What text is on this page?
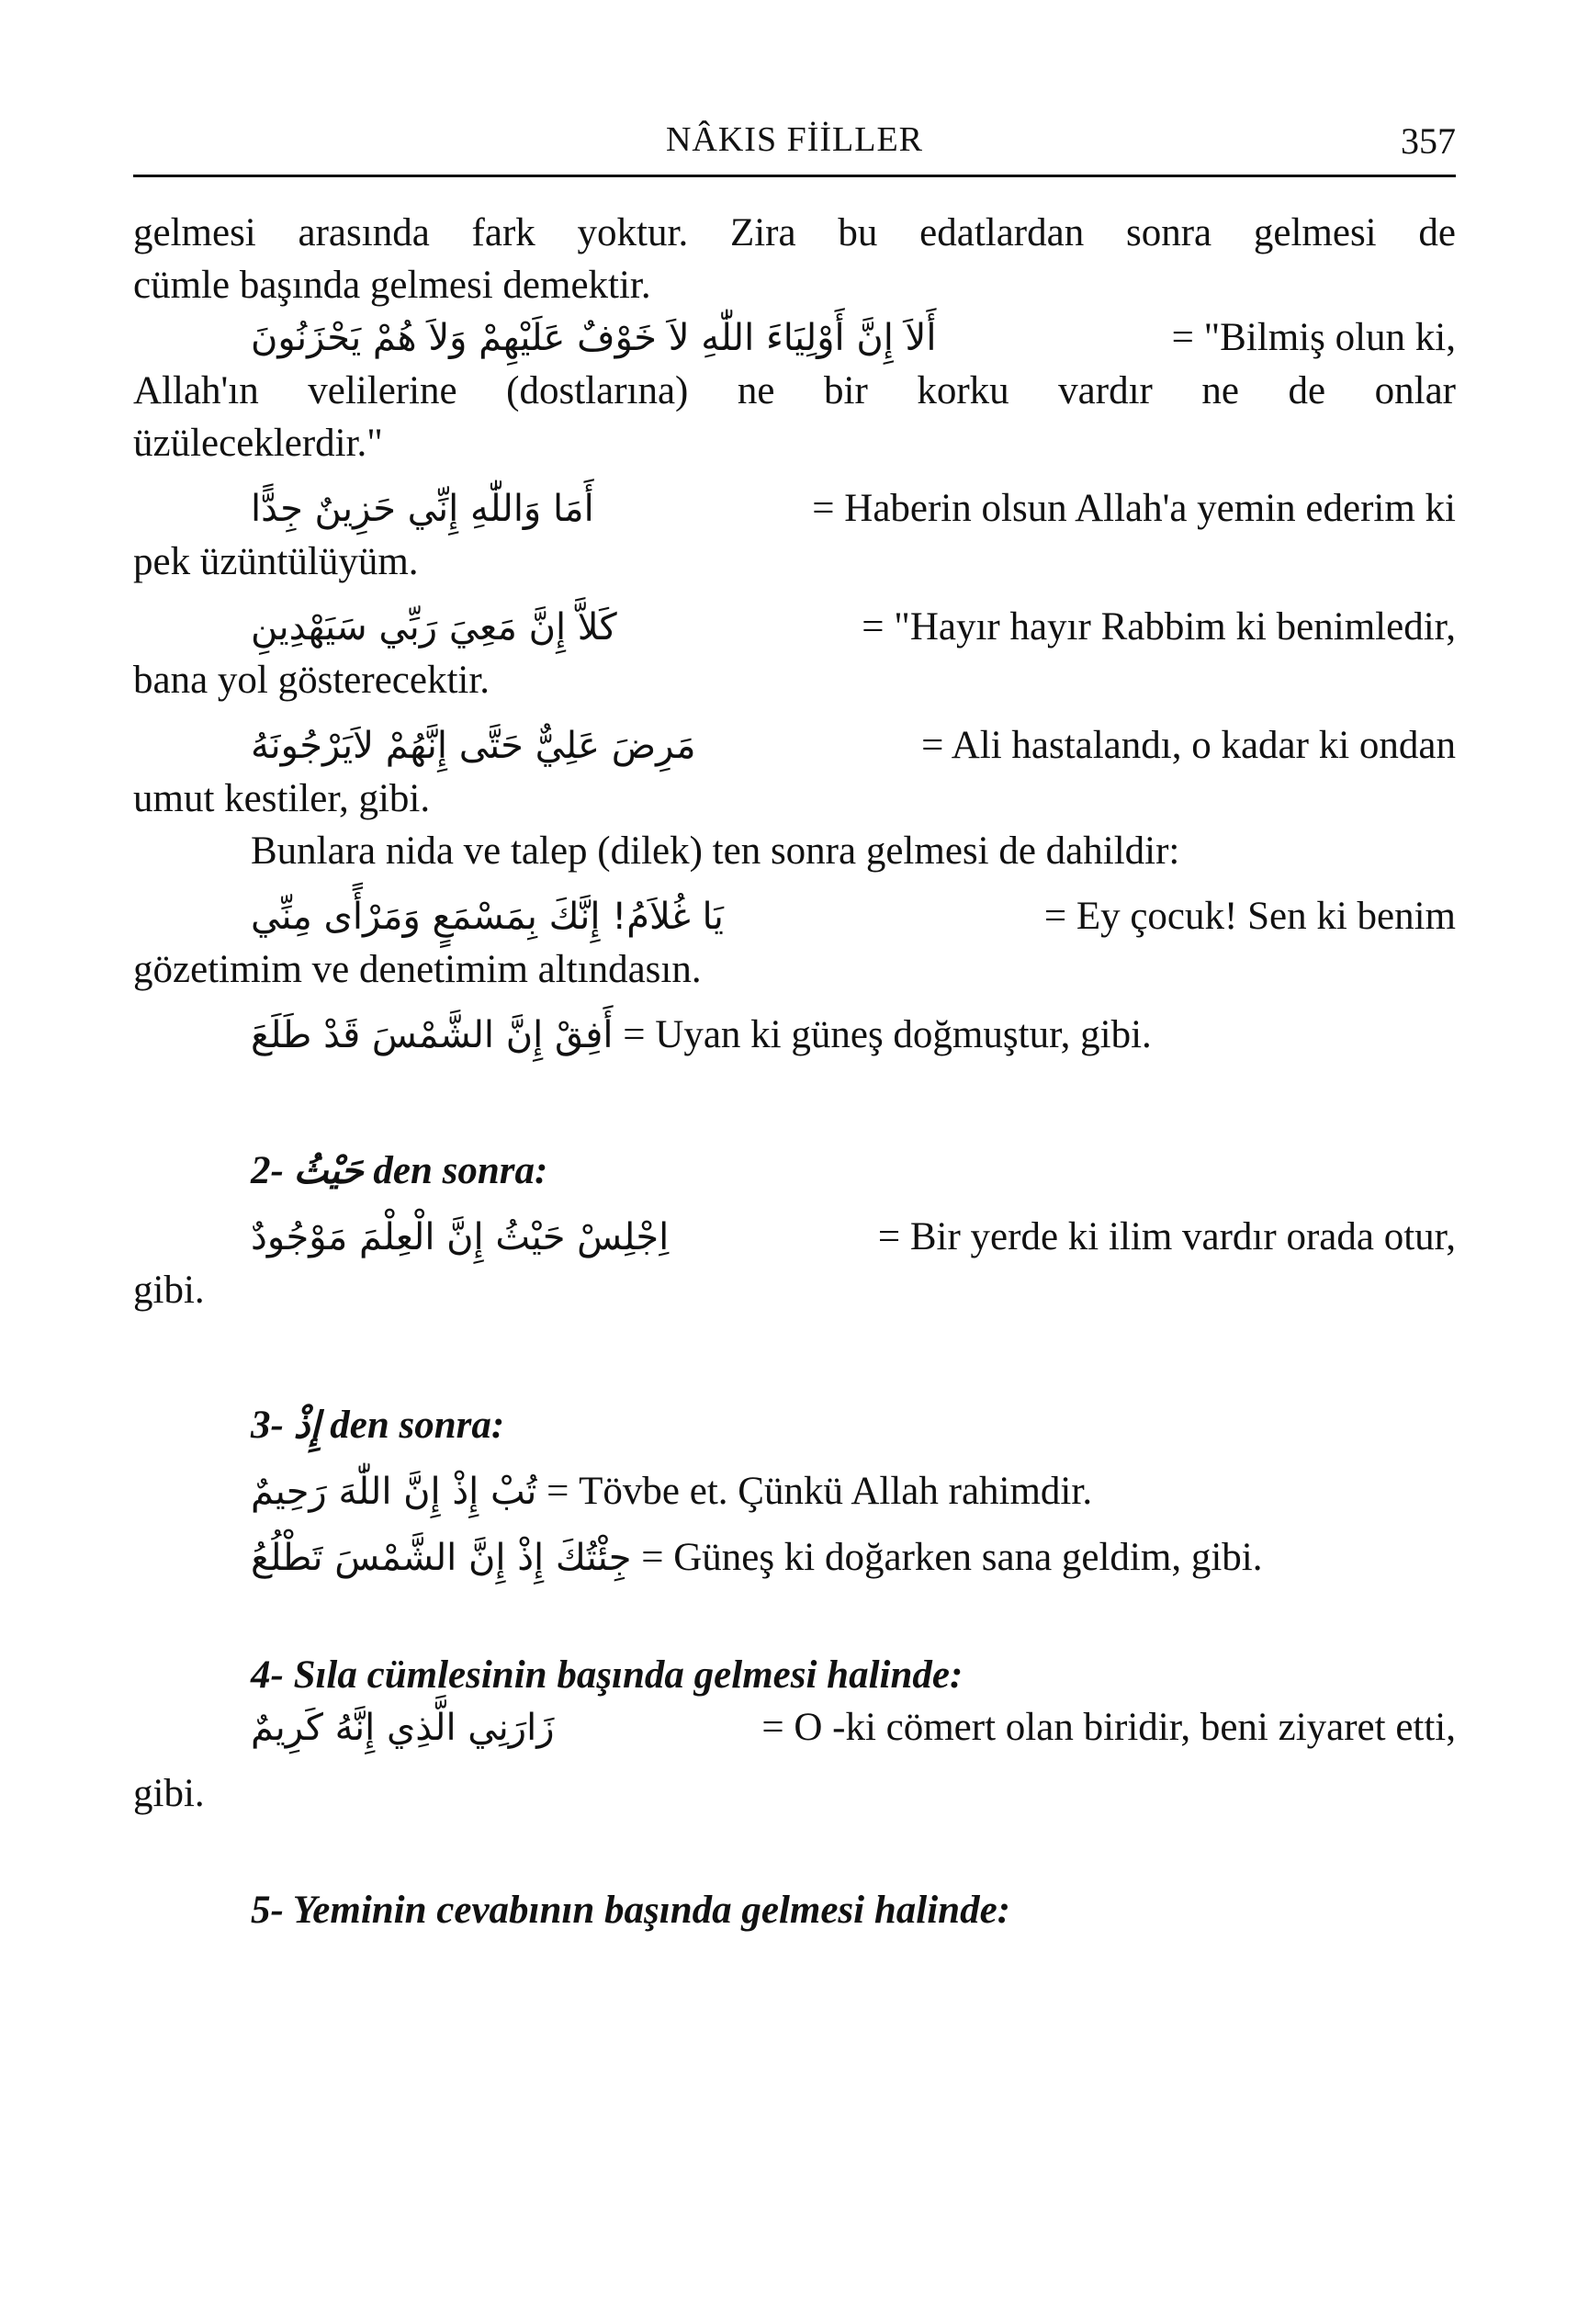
NÂKIS FİİLLER	357

gelmesi arasında fark yoktur. Zira bu edatlardan sonra gelmesi de

cümle başında gelmesi demektir.

أَلاَ إِنَّ أَوْلِيَاءَ اللّٰهِ لاَ خَوْفٌ عَلَيْهِمْ وَلاَ هُمْ يَحْزَنُونَ	= "Bilmiş olun ki,

Allah'ın velilerine (dostlarına) ne bir korku vardır ne de onlar

üzüleceklerdir."

أَمَا وَاللّٰهِ إِنِّي حَزِينٌ جِدًّا	= Haberin olsun Allah'a yemin ederim ki

pek üzüntülüyüm.

كَلاَّ إِنَّ مَعِيَ رَبِّي سَيَهْدِينِ	= "Hayır hayır Rabbim ki benimledir,

bana yol gösterecektir.

مَرِضَ عَلِيٌّ حَتَّى إِنَّهُمْ لاَيَرْجُونَهُ	= Ali hastalandı, o kadar ki ondan

umut kestiler, gibi.

Bunlara nida ve talep (dilek) ten sonra gelmesi de dahildir:

يَا غُلاَمُ! إِنَّكَ بِمَسْمَعٍ وَمَرْأًى مِنِّي	= Ey çocuk! Sen ki benim

gözetimim ve denetimim altındasın.

أَفِقْ إِنَّ الشَّمْسَ قَدْ طَلَعَ = Uyan ki güneş doğmuştur, gibi.

2- حَيْثُ den sonra:

اِجْلِسْ حَيْثُ إِنَّ الْعِلْمَ مَوْجُودٌ	= Bir yerde ki ilim vardır orada otur,

gibi.

3- إِذْ den sonra:

تُبْ إِذْ إِنَّ اللّٰهَ رَحِيمٌ = Tövbe et. Çünkü Allah rahimdir.

جِئْتُكَ إِذْ إِنَّ الشَّمْسَ تَطْلُعُ = Güneş ki doğarken sana geldim, gibi.

4- Sıla cümlesinin başında gelmesi halinde:

زَارَنِي الَّذِي إِنَّهُ كَرِيمٌ	= O -ki cömert olan biridir, beni ziyaret etti,

gibi.

5- Yeminin cevabının başında gelmesi halinde:
